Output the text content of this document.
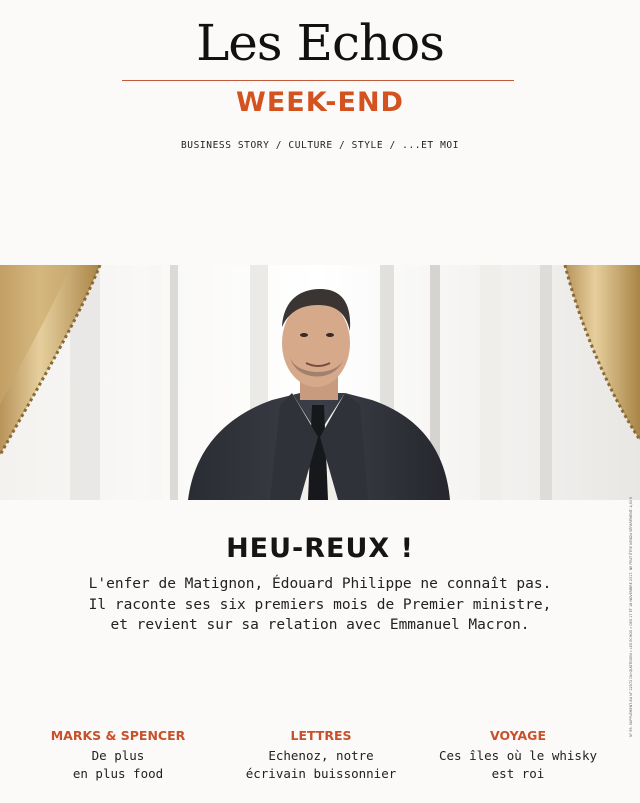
Les Echos
WEEK-END
BUSINESS STORY / CULTURE / STYLE / ...ET MOI
HEU-REUX !
L'enfer de Matignon, Édouard Philippe ne connaît pas.
Il raconte ses six premiers mois de Premier ministre,
et revient sur sa relation avec Emmanuel Macron.
MARKS & SPENCER
De plus
en plus food
LETTRES
Echenoz, notre
écrivain buissonnier
VOYAGE
Ces îles où le whisky
est roi
N° 95. SUPPLÉMENT AU N° 22572 DU QUOTIDIEN « LES ECHOS » DES 17 ET 18 NOVEMBRE 2017. NE PEUT ÊTRE VENDU SÉPARÉMENT. 4,50 €
